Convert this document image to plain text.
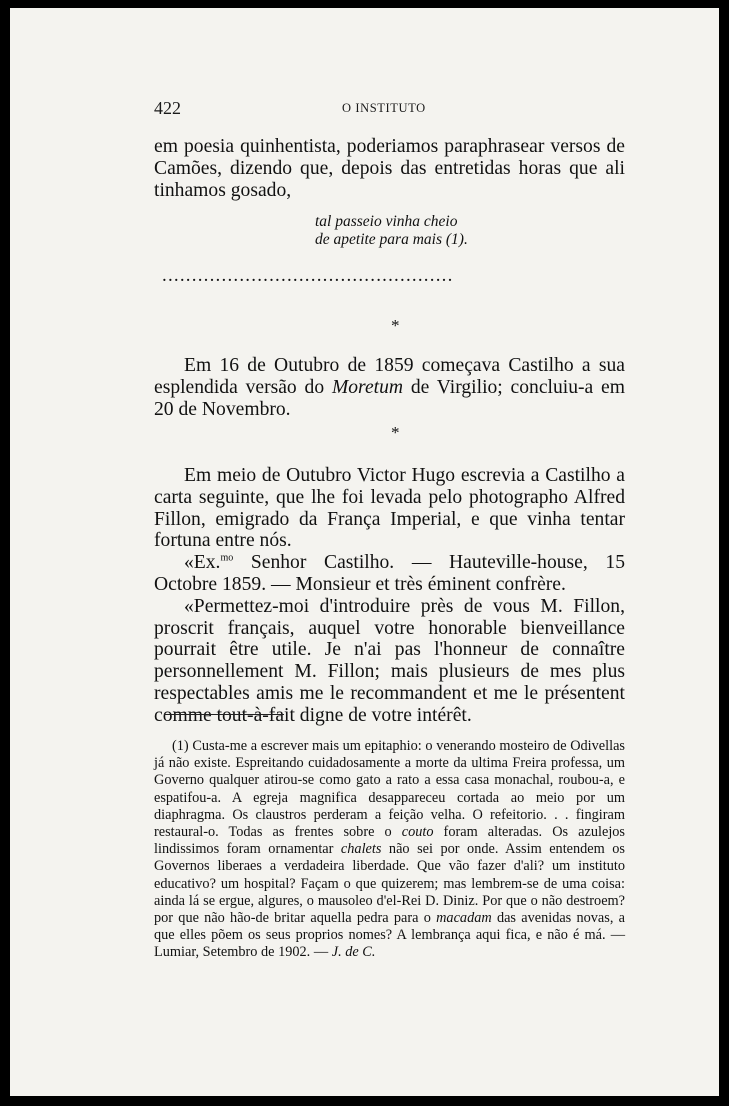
422	O INSTITUTO

em poesia quinhentista, poderiamos paraphrasear versos de Camões, dizendo que, depois das entretidas horas que ali tinhamos gosado,

tal passeio vinha cheio
de apetite para mais (1).
.................................................
*

Em 16 de Outubro de 1859 começava Castilho a sua esplendida versão do Moretum de Virgilio; concluiu-a em 20 de Novembro.

*

Em meio de Outubro Victor Hugo escrevia a Castilho a carta seguinte, que lhe foi levada pelo photographo Alfred Fillon, emigrado da França Imperial, e que vinha tentar fortuna entre nós.

«Ex.$^{mo}$ Senhor Castilho. — Hauteville-house, 15 Octobre 1859. — Monsieur et très éminent confrère.

«Permettez-moi d'introduire près de vous M. Fillon, proscrit français, auquel votre honorable bienveillance pourrait être utile. Je n'ai pas l'honneur de connaître personnellement M. Fillon; mais plusieurs de mes plus respectables amis me le recommandent et me le présentent comme tout-à-fait digne de votre intérêt.

(1) Custa-me a escrever mais um epitaphio: o venerando mosteiro de Odivellas já não existe. Espreitando cuidadosamente a morte da ultima Freira professa, um Governo qualquer atirou-se como gato a rato a essa casa monachal, roubou-a, e espatifou-a. A egreja magnifica desappareceu cortada ao meio por um diaphragma. Os claustros perderam a feição velha. O refeitorio. . . fingiram restaural-o. Todas as frentes sobre o couto foram alteradas. Os azulejos lindissimos foram ornamentar chalets não sei por onde. Assim entendem os Governos liberaes a verdadeira liberdade. Que vão fazer d'ali? um instituto educativo? um hospital? Façam o que quizerem; mas lembrem-se de uma coisa: ainda lá se ergue, algures, o mausoleo d'el-Rei D. Diniz. Por que o não destroem? por que não hão-de britar aquella pedra para o macadam das avenidas novas, a que elles põem os seus proprios nomes? A lembrança aqui fica, e não é má. — Lumiar, Setembro de 1902. — J. de C.
